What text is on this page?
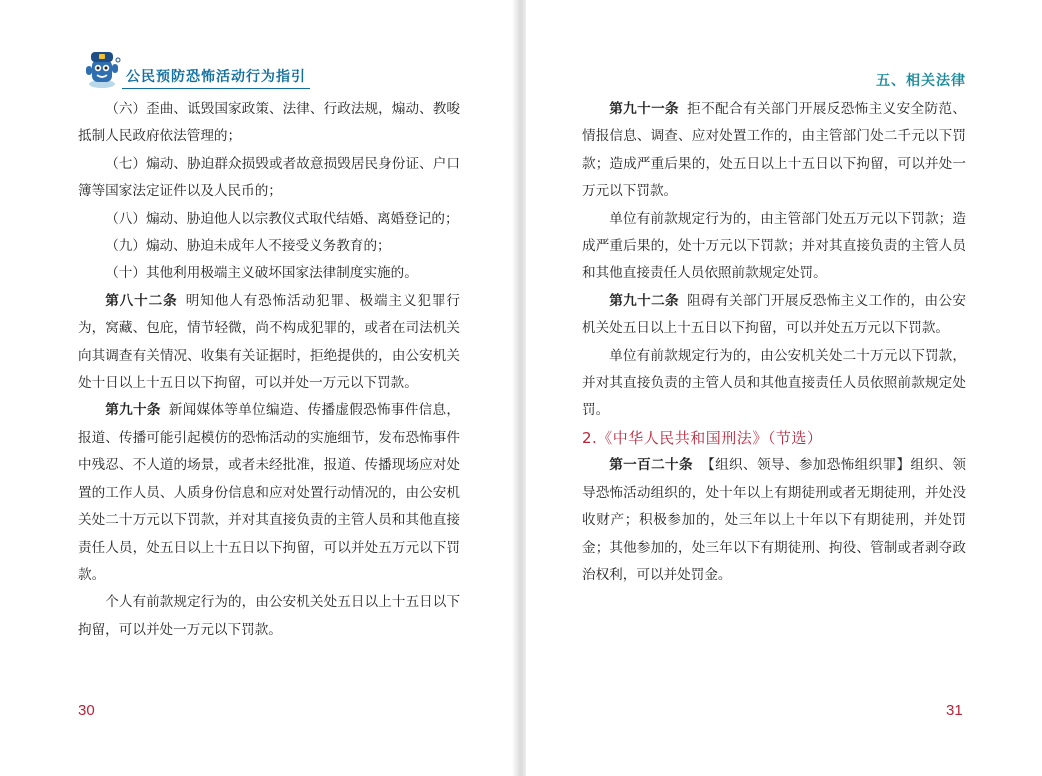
公民预防恐怖活动行为指引

（六）歪曲、诋毁国家政策、法律、行政法规，煽动、教唆抵制人民政府依法管理的；

（七）煽动、胁迫群众损毁或者故意损毁居民身份证、户口簿等国家法定证件以及人民币的；

（八）煽动、胁迫他人以宗教仪式取代结婚、离婚登记的；

（九）煽动、胁迫未成年人不接受义务教育的；

（十）其他利用极端主义破坏国家法律制度实施的。

第八十二条 明知他人有恐怖活动犯罪、极端主义犯罪行为，窝藏、包庇，情节轻微，尚不构成犯罪的，或者在司法机关向其调查有关情况、收集有关证据时，拒绝提供的，由公安机关处十日以上十五日以下拘留，可以并处一万元以下罚款。

第九十条 新闻媒体等单位编造、传播虚假恐怖事件信息，报道、传播可能引起模仿的恐怖活动的实施细节，发布恐怖事件中残忍、不人道的场景，或者未经批准，报道、传播现场应对处置的工作人员、人质身份信息和应对处置行动情况的，由公安机关处二十万元以下罚款，并对其直接负责的主管人员和其他直接责任人员，处五日以上十五日以下拘留，可以并处五万元以下罚款。

个人有前款规定行为的，由公安机关处五日以上十五日以下拘留，可以并处一万元以下罚款。

30
五、相关法律

第九十一条 拒不配合有关部门开展反恐怖主义安全防范、情报信息、调查、应对处置工作的，由主管部门处二千元以下罚款；造成严重后果的，处五日以上十五日以下拘留，可以并处一万元以下罚款。

单位有前款规定行为的，由主管部门处五万元以下罚款；造成严重后果的，处十万元以下罚款；并对其直接负责的主管人员和其他直接责任人员依照前款规定处罚。

第九十二条 阻碍有关部门开展反恐怖主义工作的，由公安机关处五日以上十五日以下拘留，可以并处五万元以下罚款。

单位有前款规定行为的，由公安机关处二十万元以下罚款，并对其直接负责的主管人员和其他直接责任人员依照前款规定处罚。

2.《中华人民共和国刑法》（节选）

第一百二十条 【组织、领导、参加恐怖组织罪】组织、领导恐怖活动组织的，处十年以上有期徒刑或者无期徒刑，并处没收财产；积极参加的，处三年以上十年以下有期徒刑，并处罚金；其他参加的，处三年以下有期徒刑、拘役、管制或者剥夺政治权利，可以并处罚金。

31
